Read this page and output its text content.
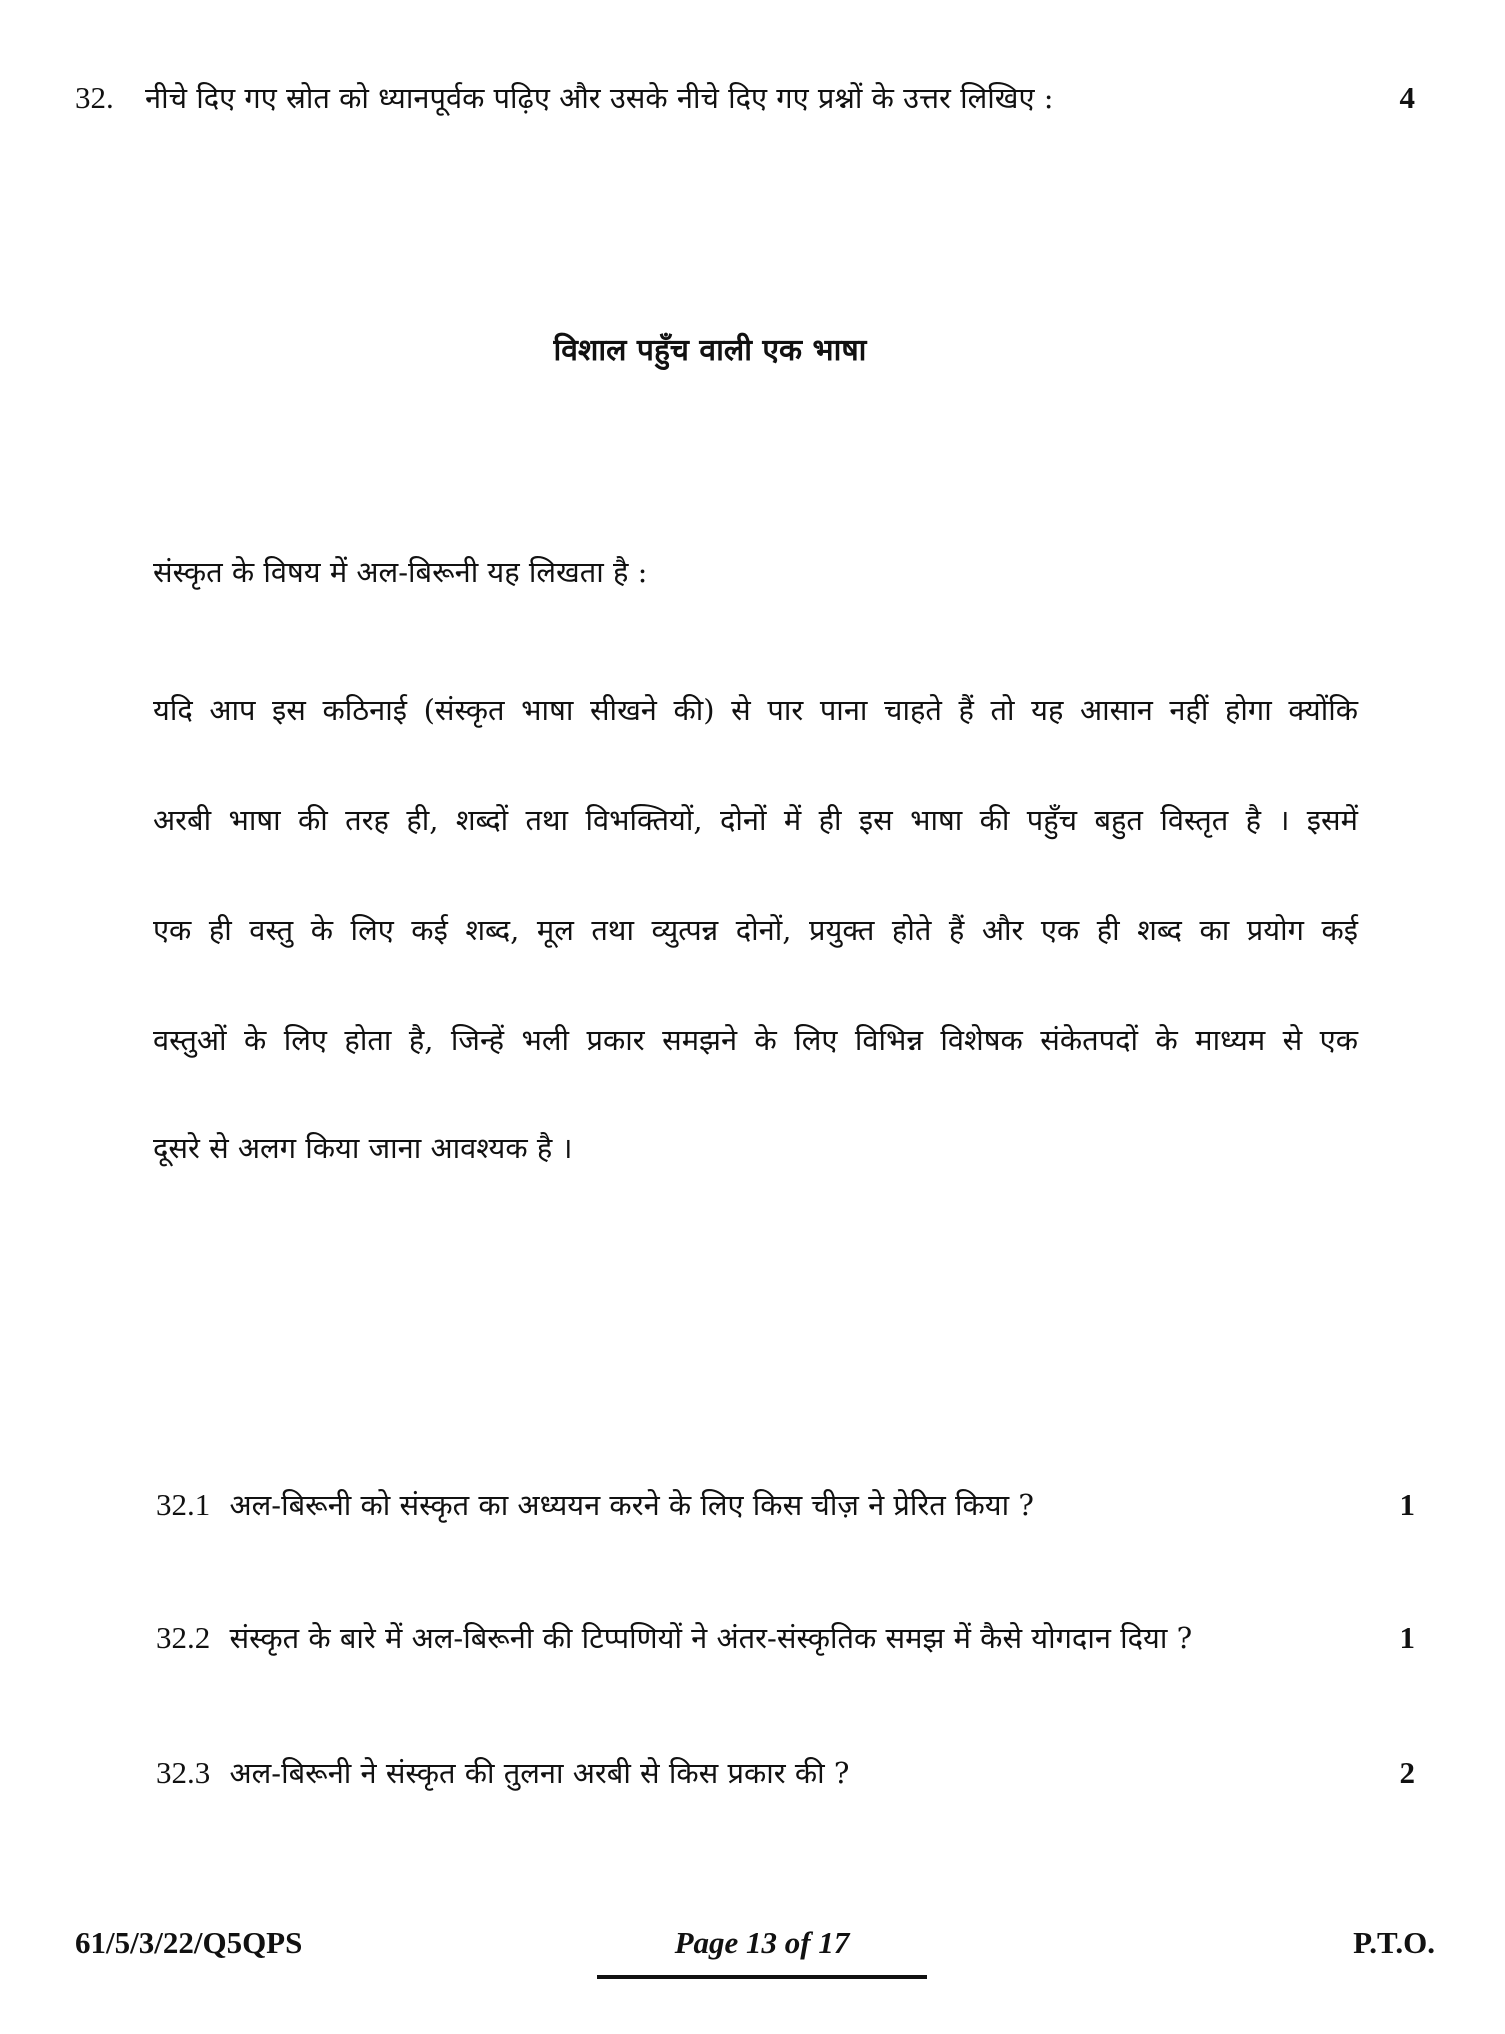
32. नीचे दिए गए स्रोत को ध्यानपूर्वक पढ़िए और उसके नीचे दिए गए प्रश्नों के उत्तर लिखिए :	4
विशाल पहुँच वाली एक भाषा
संस्कृत के विषय में अल-बिरूनी यह लिखता है :
यदि आप इस कठिनाई (संस्कृत भाषा सीखने की) से पार पाना चाहते हैं तो यह आसान नहीं होगा क्योंकि
अरबी भाषा की तरह ही, शब्दों तथा विभक्तियों, दोनों में ही इस भाषा की पहुँच बहुत विस्तृत है । इसमें
एक ही वस्तु के लिए कई शब्द, मूल तथा व्युत्पन्न दोनों, प्रयुक्त होते हैं और एक ही शब्द का प्रयोग कई
वस्तुओं के लिए होता है, जिन्हें भली प्रकार समझने के लिए विभिन्न विशेषक संकेतपदों के माध्यम से एक
दूसरे से अलग किया जाना आवश्यक है ।
32.1 अल-बिरूनी को संस्कृत का अध्ययन करने के लिए किस चीज़ ने प्रेरित किया ?	1
32.2 संस्कृत के बारे में अल-बिरूनी की टिप्पणियों ने अंतर-संस्कृतिक समझ में कैसे योगदान दिया ?	1
32.3 अल-बिरूनी ने संस्कृत की तुलना अरबी से किस प्रकार की ?	2
61/5/3/22/Q5QPS	Page 13 of 17	P.T.O.
